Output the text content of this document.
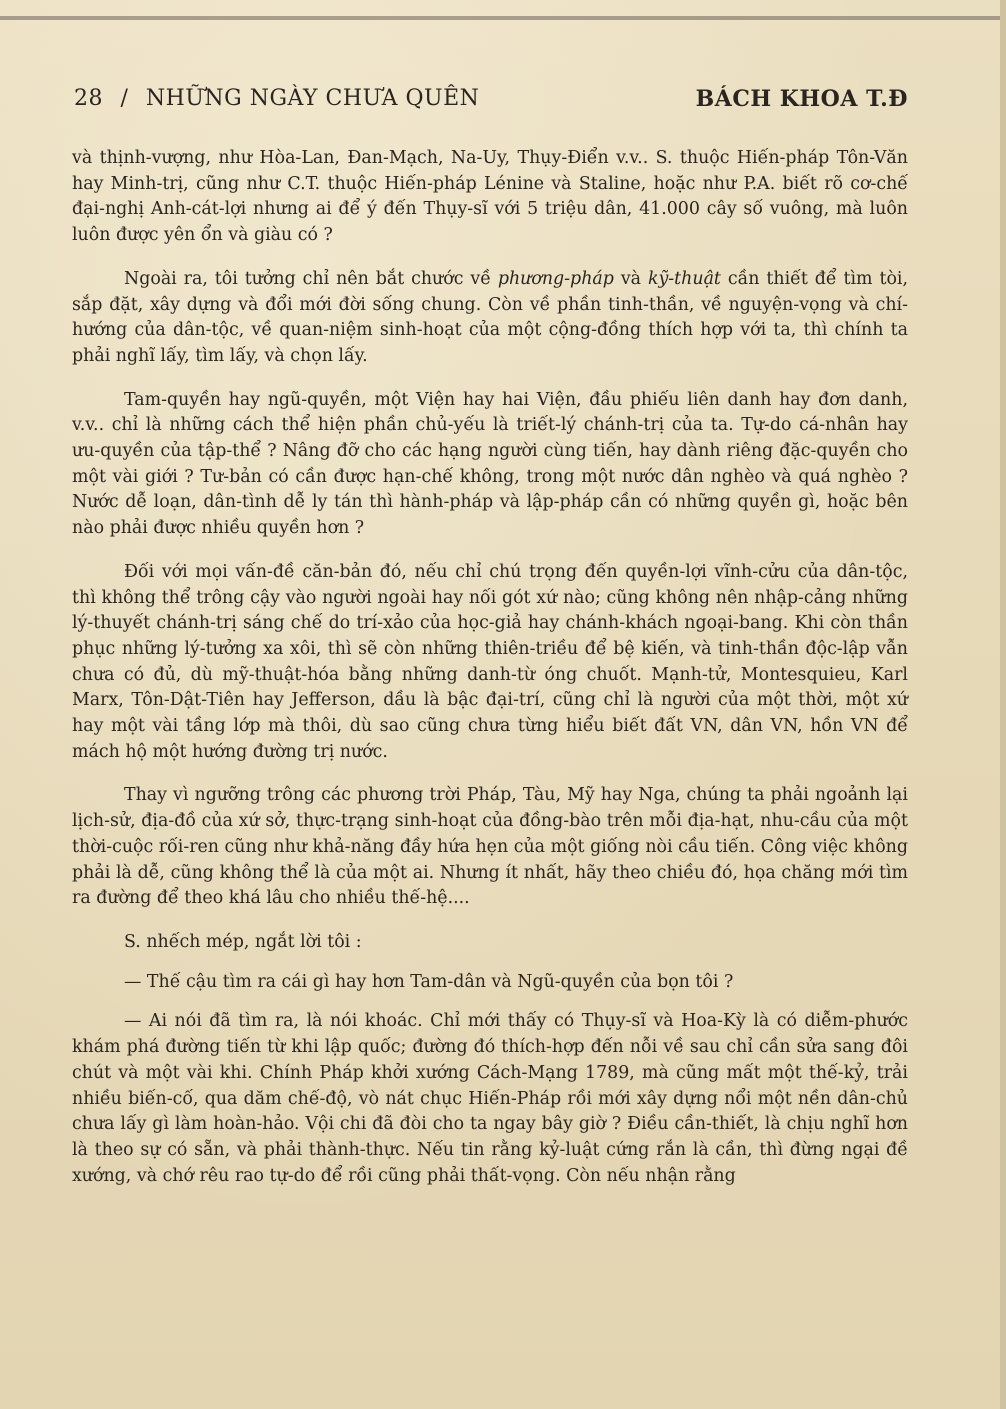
28 / NHỮNG NGÀY CHƯA QUÊN	BÁCH KHOA T.Đ

và thịnh-vượng, như Hòa-Lan, Đan-Mạch, Na-Uy, Thụy-Điển v.v.. S. thuộc Hiến-pháp Tôn-Văn hay Minh-trị, cũng như C.T. thuộc Hiến-pháp Lénine và Staline, hoặc như P.A. biết rõ cơ-chế đại-nghị Anh-cát-lợi nhưng ai để ý đến Thụy-sĩ với 5 triệu dân, 41.000 cây số vuông, mà luôn luôn được yên ổn và giàu có ?

Ngoài ra, tôi tưởng chỉ nên bắt chước về phương-pháp và kỹ-thuật cần thiết để tìm tòi, sắp đặt, xây dựng và đổi mới đời sống chung. Còn về phần tinh-thần, về nguyện-vọng và chí-hướng của dân-tộc, về quan-niệm sinh-hoạt của một cộng-đồng thích hợp với ta, thì chính ta phải nghĩ lấy, tìm lấy, và chọn lấy.

Tam-quyền hay ngũ-quyền, một Viện hay hai Viện, đầu phiếu liên danh hay đơn danh, v.v.. chỉ là những cách thể hiện phần chủ-yếu là triết-lý chánh-trị của ta. Tự-do cá-nhân hay ưu-quyền của tập-thể ? Nâng đỡ cho các hạng người cùng tiến, hay dành riêng đặc-quyền cho một vài giới ? Tư-bản có cần được hạn-chế không, trong một nước dân nghèo và quá nghèo ? Nước dễ loạn, dân-tình dễ ly tán thì hành-pháp và lập-pháp cần có những quyền gì, hoặc bên nào phải được nhiều quyền hơn ?

Đối với mọi vấn-đề căn-bản đó, nếu chỉ chú trọng đến quyền-lợi vĩnh-cửu của dân-tộc, thì không thể trông cậy vào người ngoài hay nối gót xứ nào; cũng không nên nhập-cảng những lý-thuyết chánh-trị sáng chế do trí-xảo của học-giả hay chánh-khách ngoại-bang. Khi còn thần phục những lý-tưởng xa xôi, thì sẽ còn những thiên-triều để bệ kiến, và tinh-thần độc-lập vẫn chưa có đủ, dù mỹ-thuật-hóa bằng những danh-từ óng chuốt. Mạnh-tử, Montesquieu, Karl Marx, Tôn-Dật-Tiên hay Jefferson, dầu là bậc đại-trí, cũng chỉ là người của một thời, một xứ hay một vài tầng lớp mà thôi, dù sao cũng chưa từng hiểu biết đất VN, dân VN, hồn VN để mách hộ một hướng đường trị nước.

Thay vì ngưỡng trông các phương trời Pháp, Tàu, Mỹ hay Nga, chúng ta phải ngoảnh lại lịch-sử, địa-đồ của xứ sở, thực-trạng sinh-hoạt của đồng-bào trên mỗi địa-hạt, nhu-cầu của một thời-cuộc rối-ren cũng như khả-năng đầy hứa hẹn của một giống nòi cầu tiến. Công việc không phải là dễ, cũng không thể là của một ai. Nhưng ít nhất, hãy theo chiều đó, họa chăng mới tìm ra đường để theo khá lâu cho nhiều thế-hệ....

S. nhếch mép, ngắt lời tôi :

— Thế cậu tìm ra cái gì hay hơn Tam-dân và Ngũ-quyền của bọn tôi ?

— Ai nói đã tìm ra, là nói khoác. Chỉ mới thấy có Thụy-sĩ và Hoa-Kỳ là có diễm-phước khám phá đường tiến từ khi lập quốc; đường đó thích-hợp đến nỗi về sau chỉ cần sửa sang đôi chút và một vài khi. Chính Pháp khởi xướng Cách-Mạng 1789, mà cũng mất một thế-kỷ, trải nhiều biến-cố, qua dăm chế-độ, vò nát chục Hiến-Pháp rồi mới xây dựng nổi một nền dân-chủ chưa lấy gì làm hoàn-hảo. Vội chi đã đòi cho ta ngay bây giờ ? Điều cần-thiết, là chịu nghĩ hơn là theo sự có sẵn, và phải thành-thực. Nếu tin rằng kỷ-luật cứng rắn là cần, thì đừng ngại đề xướng, và chớ rêu rao tự-do để rồi cũng phải thất-vọng. Còn nếu nhận rằng
